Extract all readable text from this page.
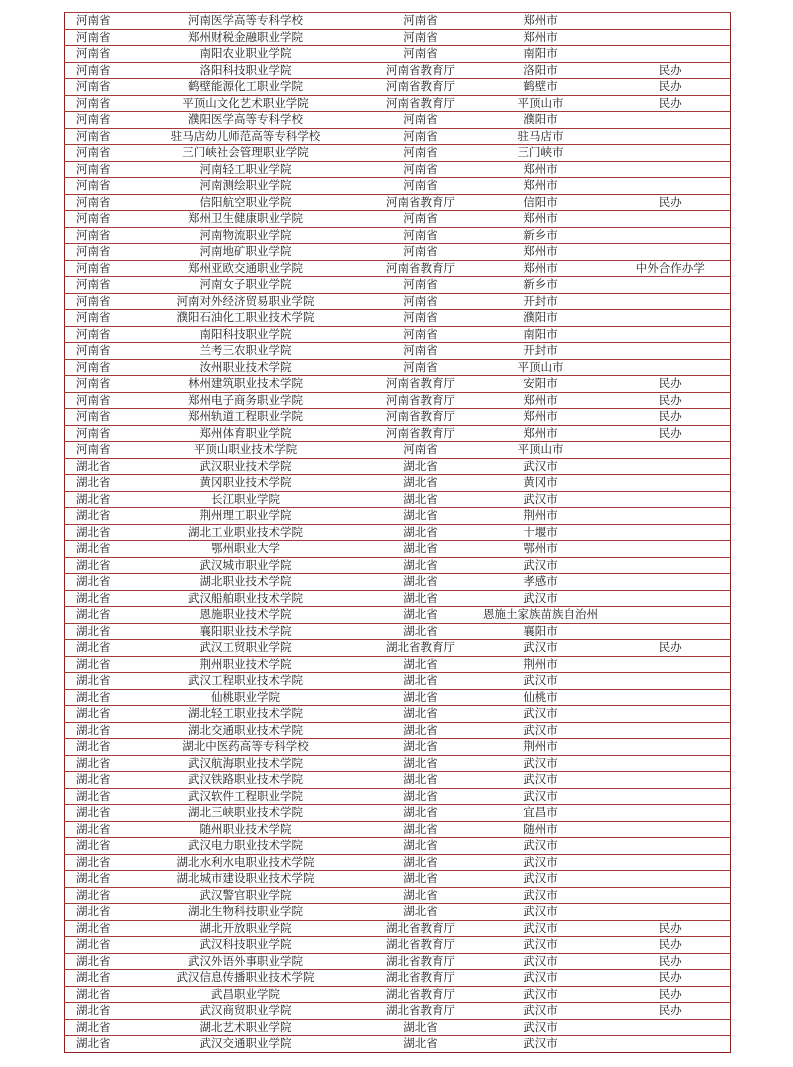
河南省	河南医学高等专科学校	河南省	郑州市	
河南省	郑州财税金融职业学院	河南省	郑州市	
河南省	南阳农业职业学院	河南省	南阳市	
河南省	洛阳科技职业学院	河南省教育厅	洛阳市	民办
河南省	鹤壁能源化工职业学院	河南省教育厅	鹤壁市	民办
河南省	平顶山文化艺术职业学院	河南省教育厅	平顶山市	民办
河南省	濮阳医学高等专科学校	河南省	濮阳市	
河南省	驻马店幼儿师范高等专科学校	河南省	驻马店市	
河南省	三门峡社会管理职业学院	河南省	三门峡市	
河南省	河南轻工职业学院	河南省	郑州市	
河南省	河南测绘职业学院	河南省	郑州市	
河南省	信阳航空职业学院	河南省教育厅	信阳市	民办
河南省	郑州卫生健康职业学院	河南省	郑州市	
河南省	河南物流职业学院	河南省	新乡市	
河南省	河南地矿职业学院	河南省	郑州市	
河南省	郑州亚欧交通职业学院	河南省教育厅	郑州市	中外合作办学
河南省	河南女子职业学院	河南省	新乡市	
河南省	河南对外经济贸易职业学院	河南省	开封市	
河南省	濮阳石油化工职业技术学院	河南省	濮阳市	
河南省	南阳科技职业学院	河南省	南阳市	
河南省	兰考三农职业学院	河南省	开封市	
河南省	汝州职业技术学院	河南省	平顶山市	
河南省	林州建筑职业技术学院	河南省教育厅	安阳市	民办
河南省	郑州电子商务职业学院	河南省教育厅	郑州市	民办
河南省	郑州轨道工程职业学院	河南省教育厅	郑州市	民办
河南省	郑州体育职业学院	河南省教育厅	郑州市	民办
河南省	平顶山职业技术学院	河南省	平顶山市	
湖北省	武汉职业技术学院	湖北省	武汉市	
湖北省	黄冈职业技术学院	湖北省	黄冈市	
湖北省	长江职业学院	湖北省	武汉市	
湖北省	荆州理工职业学院	湖北省	荆州市	
湖北省	湖北工业职业技术学院	湖北省	十堰市	
湖北省	鄂州职业大学	湖北省	鄂州市	
湖北省	武汉城市职业学院	湖北省	武汉市	
湖北省	湖北职业技术学院	湖北省	孝感市	
湖北省	武汉船舶职业技术学院	湖北省	武汉市	
湖北省	恩施职业技术学院	湖北省	恩施土家族苗族自治州	
湖北省	襄阳职业技术学院	湖北省	襄阳市	
湖北省	武汉工贸职业学院	湖北省教育厅	武汉市	民办
湖北省	荆州职业技术学院	湖北省	荆州市	
湖北省	武汉工程职业技术学院	湖北省	武汉市	
湖北省	仙桃职业学院	湖北省	仙桃市	
湖北省	湖北轻工职业技术学院	湖北省	武汉市	
湖北省	湖北交通职业技术学院	湖北省	武汉市	
湖北省	湖北中医药高等专科学校	湖北省	荆州市	
湖北省	武汉航海职业技术学院	湖北省	武汉市	
湖北省	武汉铁路职业技术学院	湖北省	武汉市	
湖北省	武汉软件工程职业学院	湖北省	武汉市	
湖北省	湖北三峡职业技术学院	湖北省	宜昌市	
湖北省	随州职业技术学院	湖北省	随州市	
湖北省	武汉电力职业技术学院	湖北省	武汉市	
湖北省	湖北水利水电职业技术学院	湖北省	武汉市	
湖北省	湖北城市建设职业技术学院	湖北省	武汉市	
湖北省	武汉警官职业学院	湖北省	武汉市	
湖北省	湖北生物科技职业学院	湖北省	武汉市	
湖北省	湖北开放职业学院	湖北省教育厅	武汉市	民办
湖北省	武汉科技职业学院	湖北省教育厅	武汉市	民办
湖北省	武汉外语外事职业学院	湖北省教育厅	武汉市	民办
湖北省	武汉信息传播职业技术学院	湖北省教育厅	武汉市	民办
湖北省	武昌职业学院	湖北省教育厅	武汉市	民办
湖北省	武汉商贸职业学院	湖北省教育厅	武汉市	民办
湖北省	湖北艺术职业学院	湖北省	武汉市	
湖北省	武汉交通职业学院	湖北省	武汉市	
